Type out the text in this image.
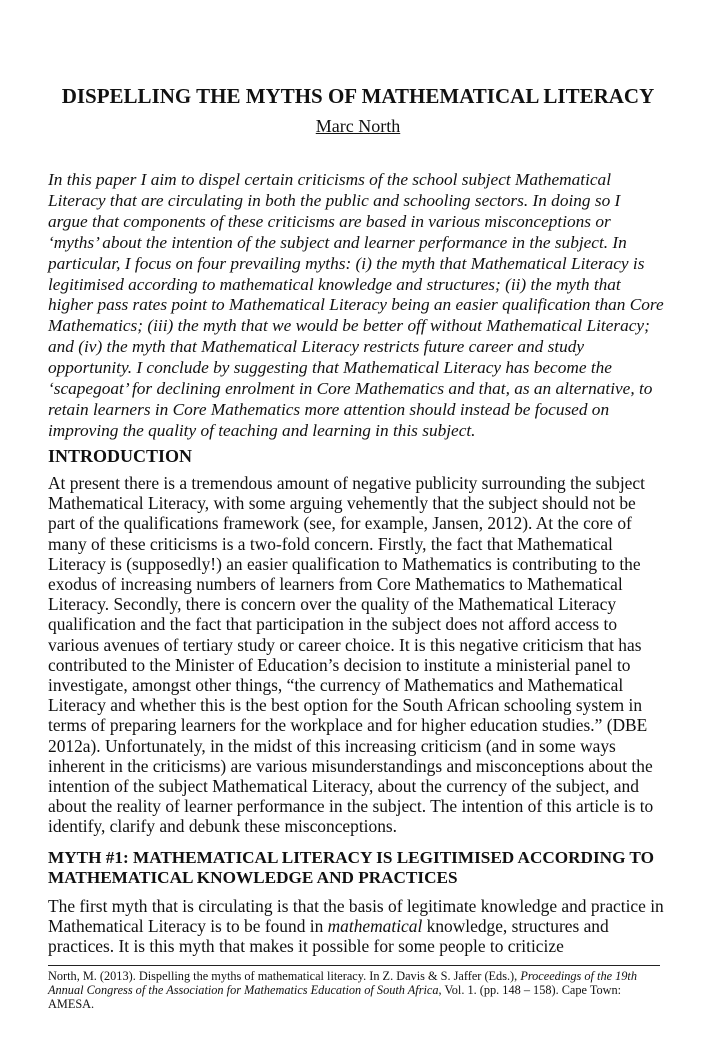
DISPELLING THE MYTHS OF MATHEMATICAL LITERACY
Marc North

In this paper I aim to dispel certain criticisms of the school subject Mathematical Literacy that are circulating in both the public and schooling sectors. In doing so I argue that components of these criticisms are based in various misconceptions or ‘myths’ about the intention of the subject and learner performance in the subject. In particular, I focus on four prevailing myths: (i) the myth that Mathematical Literacy is legitimised according to mathematical knowledge and structures; (ii) the myth that higher pass rates point to Mathematical Literacy being an easier qualification than Core Mathematics; (iii) the myth that we would be better off without Mathematical Literacy; and (iv) the myth that Mathematical Literacy restricts future career and study opportunity. I conclude by suggesting that Mathematical Literacy has become the ‘scapegoat’ for declining enrolment in Core Mathematics and that, as an alternative, to retain learners in Core Mathematics more attention should instead be focused on improving the quality of teaching and learning in this subject.

INTRODUCTION

At present there is a tremendous amount of negative publicity surrounding the subject Mathematical Literacy, with some arguing vehemently that the subject should not be part of the qualifications framework (see, for example, Jansen, 2012). At the core of many of these criticisms is a two-fold concern. Firstly, the fact that Mathematical Literacy is (supposedly!) an easier qualification to Mathematics is contributing to the exodus of increasing numbers of learners from Core Mathematics to Mathematical Literacy. Secondly, there is concern over the quality of the Mathematical Literacy qualification and the fact that participation in the subject does not afford access to various avenues of tertiary study or career choice. It is this negative criticism that has contributed to the Minister of Education’s decision to institute a ministerial panel to investigate, amongst other things, “the currency of Mathematics and Mathematical Literacy and whether this is the best option for the South African schooling system in terms of preparing learners for the workplace and for higher education studies.” (DBE 2012a). Unfortunately, in the midst of this increasing criticism (and in some ways inherent in the criticisms) are various misunderstandings and misconceptions about the intention of the subject Mathematical Literacy, about the currency of the subject, and about the reality of learner performance in the subject. The intention of this article is to identify, clarify and debunk these misconceptions.

MYTH #1: MATHEMATICAL LITERACY IS LEGITIMISED ACCORDING TO MATHEMATICAL KNOWLEDGE AND PRACTICES

The first myth that is circulating is that the basis of legitimate knowledge and practice in Mathematical Literacy is to be found in mathematical knowledge, structures and practices. It is this myth that makes it possible for some people to criticize

North, M. (2013). Dispelling the myths of mathematical literacy. In Z. Davis & S. Jaffer (Eds.), Proceedings of the 19th Annual Congress of the Association for Mathematics Education of South Africa, Vol. 1. (pp. 148 – 158). Cape Town: AMESA.
